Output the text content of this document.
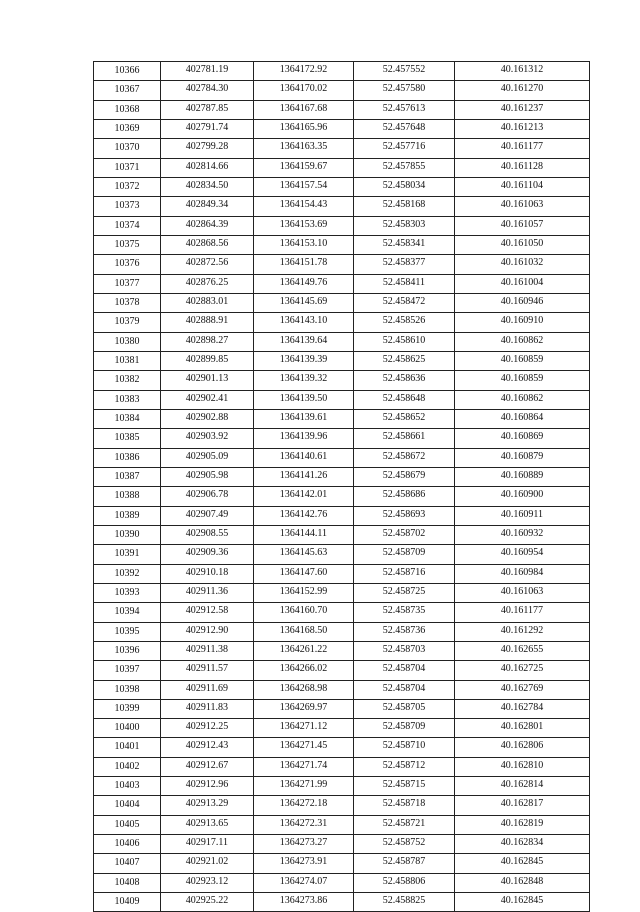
10366	402781.19	1364172.92	52.457552	40.161312
10367	402784.30	1364170.02	52.457580	40.161270
10368	402787.85	1364167.68	52.457613	40.161237
10369	402791.74	1364165.96	52.457648	40.161213
10370	402799.28	1364163.35	52.457716	40.161177
10371	402814.66	1364159.67	52.457855	40.161128
10372	402834.50	1364157.54	52.458034	40.161104
10373	402849.34	1364154.43	52.458168	40.161063
10374	402864.39	1364153.69	52.458303	40.161057
10375	402868.56	1364153.10	52.458341	40.161050
10376	402872.56	1364151.78	52.458377	40.161032
10377	402876.25	1364149.76	52.458411	40.161004
10378	402883.01	1364145.69	52.458472	40.160946
10379	402888.91	1364143.10	52.458526	40.160910
10380	402898.27	1364139.64	52.458610	40.160862
10381	402899.85	1364139.39	52.458625	40.160859
10382	402901.13	1364139.32	52.458636	40.160859
10383	402902.41	1364139.50	52.458648	40.160862
10384	402902.88	1364139.61	52.458652	40.160864
10385	402903.92	1364139.96	52.458661	40.160869
10386	402905.09	1364140.61	52.458672	40.160879
10387	402905.98	1364141.26	52.458679	40.160889
10388	402906.78	1364142.01	52.458686	40.160900
10389	402907.49	1364142.76	52.458693	40.160911
10390	402908.55	1364144.11	52.458702	40.160932
10391	402909.36	1364145.63	52.458709	40.160954
10392	402910.18	1364147.60	52.458716	40.160984
10393	402911.36	1364152.99	52.458725	40.161063
10394	402912.58	1364160.70	52.458735	40.161177
10395	402912.90	1364168.50	52.458736	40.161292
10396	402911.38	1364261.22	52.458703	40.162655
10397	402911.57	1364266.02	52.458704	40.162725
10398	402911.69	1364268.98	52.458704	40.162769
10399	402911.83	1364269.97	52.458705	40.162784
10400	402912.25	1364271.12	52.458709	40.162801
10401	402912.43	1364271.45	52.458710	40.162806
10402	402912.67	1364271.74	52.458712	40.162810
10403	402912.96	1364271.99	52.458715	40.162814
10404	402913.29	1364272.18	52.458718	40.162817
10405	402913.65	1364272.31	52.458721	40.162819
10406	402917.11	1364273.27	52.458752	40.162834
10407	402921.02	1364273.91	52.458787	40.162845
10408	402923.12	1364274.07	52.458806	40.162848
10409	402925.22	1364273.86	52.458825	40.162845
